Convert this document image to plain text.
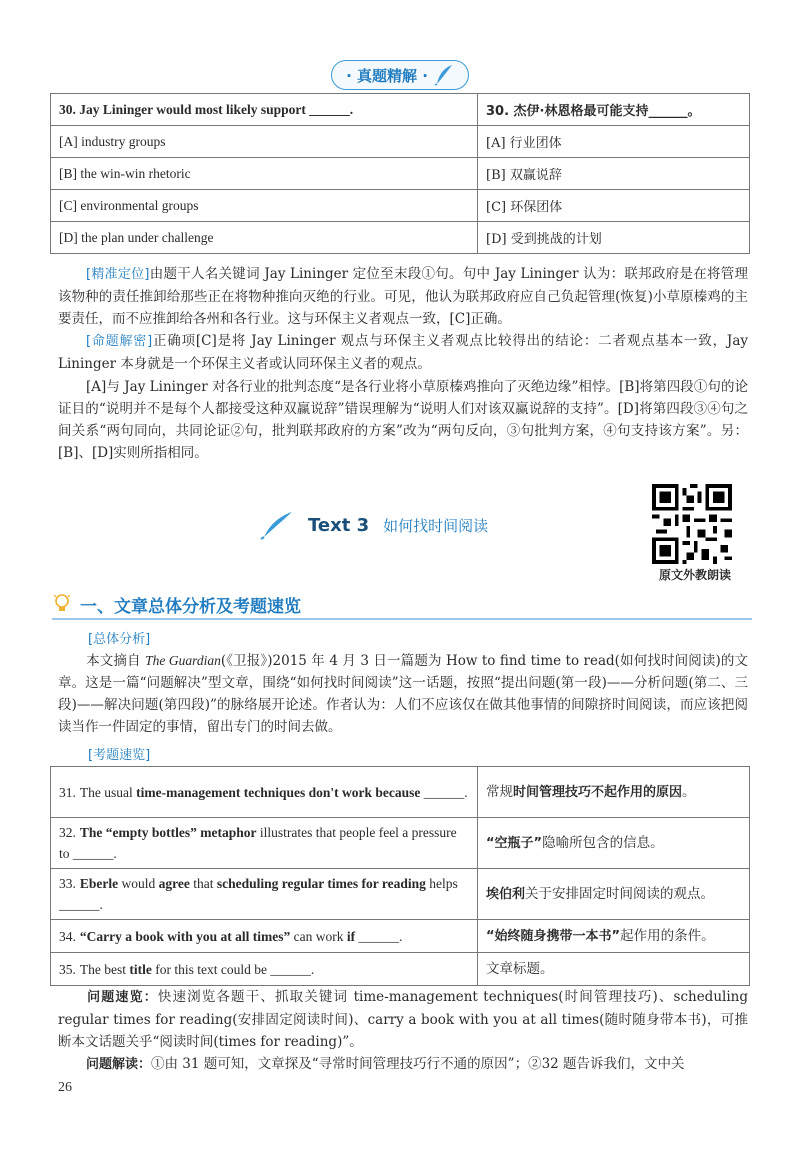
· 真题精解 ·
30. Jay Lininger would most likely support ______.	30. 杰伊·林恩格最可能支持______。
[A] industry groups	[A] 行业团体
[B] the win-win rhetoric	[B] 双赢说辞
[C] environmental groups	[C] 环保团体
[D] the plan under challenge	[D] 受到挑战的计划
[精准定位]由题干人名关键词 Jay Lininger 定位至末段①句。句中 Jay Lininger 认为：联邦政府是在将管理该物种的责任推卸给那些正在将物种推向灭绝的行业。可见，他认为联邦政府应自己负起管理(恢复)小草原榛鸡的主要责任，而不应推卸给各州和各行业。这与环保主义者观点一致，[C]正确。
[命题解密]正确项[C]是将 Jay Lininger 观点与环保主义者观点比较得出的结论：二者观点基本一致，Jay Lininger 本身就是一个环保主义者或认同环保主义者的观点。
[A]与 Jay Lininger 对各行业的批判态度“是各行业将小草原榛鸡推向了灭绝边缘”相悖。[B]将第四段①句的论证目的“说明并不是每个人都接受这种双赢说辞”错误理解为“说明人们对该双赢说辞的支持”。[D]将第四段③④句之间关系“两句同向，共同论证②句，批判联邦政府的方案”改为“两句反向，③句批判方案，④句支持该方案”。另：[B]、[D]实则所指相同。
Text 3 如何找时间阅读
原文外教朗读
一、文章总体分析及考题速览
[总体分析]
本文摘自 The Guardian(《卫报》)2015 年 4 月 3 日一篇题为 How to find time to read(如何找时间阅读)的文章。这是一篇“问题解决”型文章，围绕“如何找时间阅读”这一话题，按照“提出问题(第一段)——分析问题(第二、三段)——解决问题(第四段)”的脉络展开论述。作者认为：人们不应该仅在做其他事情的间隙挤时间阅读，而应该把阅读当作一件固定的事情，留出专门的时间去做。
[考题速览]
31. The usual time-management techniques don't work because ______.	常规时间管理技巧不起作用的原因。
32. The “empty bottles” metaphor illustrates that people feel a pressure to ______.	“空瓶子”隐喻所包含的信息。
33. Eberle would agree that scheduling regular times for reading helps ______.	埃伯利关于安排固定时间阅读的观点。
34. “Carry a book with you at all times” can work if ______.	“始终随身携带一本书”起作用的条件。
35. The best title for this text could be ______.	文章标题。
问题速览：快速浏览各题干、抓取关键词 time-management techniques(时间管理技巧)、scheduling regular times for reading(安排固定阅读时间)、carry a book with you at all times(随时随身带本书)，可推断本文话题关乎“阅读时间(times for reading)”。
问题解读：①由 31 题可知，文章探及“寻常时间管理技巧行不通的原因”；②32 题告诉我们，文中关
26
